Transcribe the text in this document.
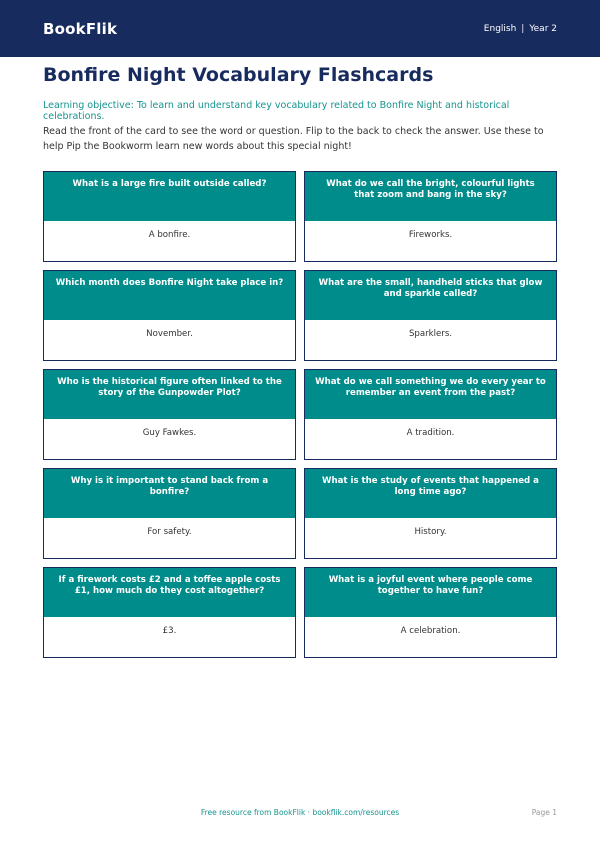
BookFlik	English | Year 2
Bonfire Night Vocabulary Flashcards

Learning objective: To learn and understand key vocabulary related to Bonfire Night and historical celebrations.

Read the front of the card to see the word or question. Flip to the back to check the answer. Use these to help Pip the Bookworm learn new words about this special night!

What is a large fire built outside called?
A bonfire.
What do we call the bright, colourful lights that zoom and bang in the sky?
Fireworks.
Which month does Bonfire Night take place in?
November.
What are the small, handheld sticks that glow and sparkle called?
Sparklers.
Who is the historical figure often linked to the story of the Gunpowder Plot?
Guy Fawkes.
What do we call something we do every year to remember an event from the past?
A tradition.
Why is it important to stand back from a bonfire?
For safety.
What is the study of events that happened a long time ago?
History.
If a firework costs £2 and a toffee apple costs £1, how much do they cost altogether?
£3.
What is a joyful event where people come together to have fun?
A celebration.
Free resource from BookFlik · bookflik.com/resources	Page 1
